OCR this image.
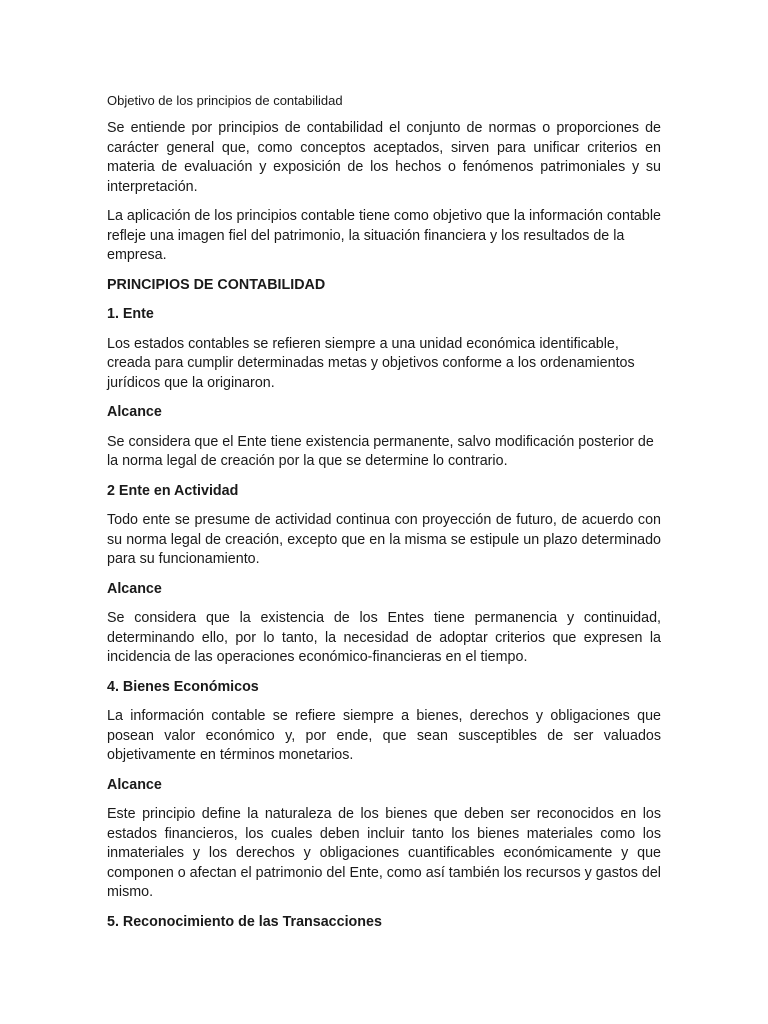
Objetivo de los principios de contabilidad

Se entiende por principios de contabilidad el conjunto de normas o proporciones de carácter general que, como conceptos aceptados, sirven para unificar criterios en materia de evaluación y exposición de los hechos o fenómenos patrimoniales y su interpretación.

La aplicación de los principios contable tiene como objetivo que la información contable refleje una imagen fiel del patrimonio, la situación financiera y los resultados de la empresa.

PRINCIPIOS DE CONTABILIDAD

1. Ente

Los estados contables se refieren siempre a una unidad económica identificable, creada para cumplir determinadas metas y objetivos conforme a los ordenamientos jurídicos que la originaron.

Alcance

Se considera que el Ente tiene existencia permanente, salvo modificación posterior de la norma legal de creación por la que se determine lo contrario.

2 Ente en Actividad

Todo ente se presume de actividad continua con proyección de futuro, de acuerdo con su norma legal de creación, excepto que en la misma se estipule un plazo determinado para su funcionamiento.

Alcance

Se considera que la existencia de los Entes tiene permanencia y continuidad, determinando ello, por lo tanto, la necesidad de adoptar criterios que expresen la incidencia de las operaciones económico-financieras en el tiempo.

4. Bienes Económicos

La información contable se refiere siempre a bienes, derechos y obligaciones que posean valor económico y, por ende, que sean susceptibles de ser valuados objetivamente en términos monetarios.

Alcance

Este principio define la naturaleza de los bienes que deben ser reconocidos en los estados financieros, los cuales deben incluir tanto los bienes materiales como los inmateriales y los derechos y obligaciones cuantificables económicamente y que componen o afectan el patrimonio del Ente, como así también los recursos y gastos del mismo.

5. Reconocimiento de las Transacciones
